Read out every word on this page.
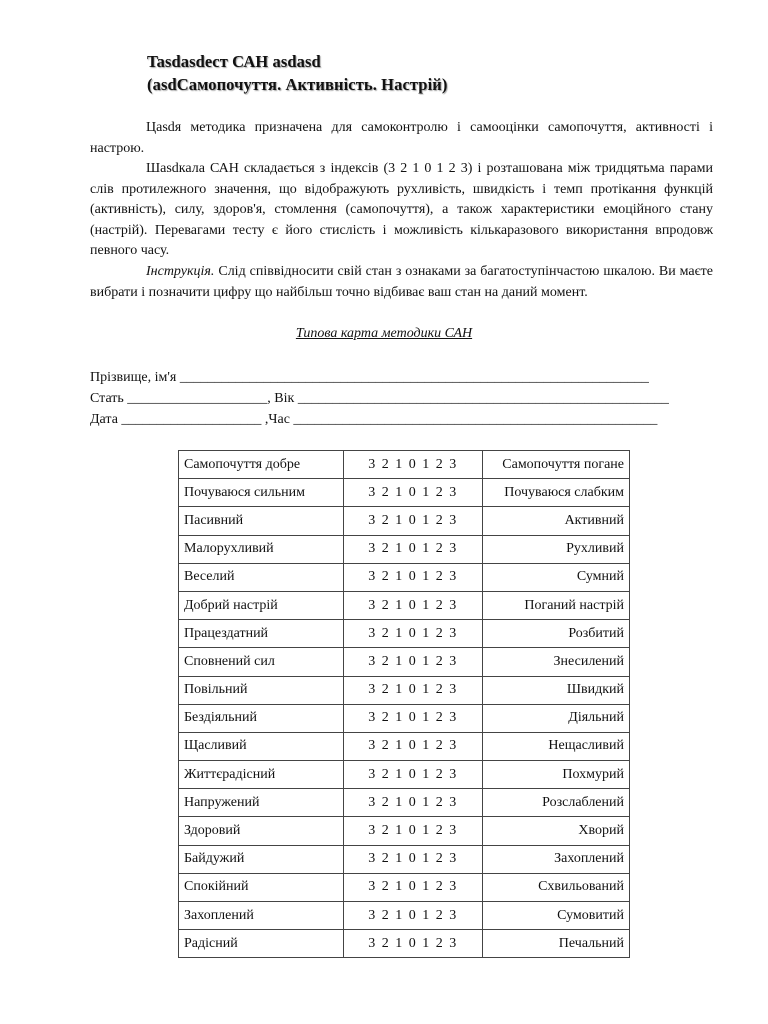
Tasdasdeст САН asdasd
(asdСамопочуття. Активність. Настрій)
Цasdя методика призначена для самоконтролю і самооцінки самопочуття, активності і настрою.
Шasdкала САН складається з індексів (3 2 1 0 1 2 3) і розташована між тридцятьма парами слів протилежного значення, що відображують рухливість, швидкість і темп протікання функцій (активність), силу, здоров'я, стомлення (самопочуття), а також характеристики емоційного стану (настрій). Перевагами тесту є його стислість і можливість кількаразового використання впродовж певного часу.
Інструкція. Слід співвідносити свій стан з ознаками за багатоступінчастою шкалою. Ви маєте вибрати і позначити цифру що найбільш точно відбиває ваш стан на даний момент.
Типова карта методики САН
Прізвище, ім'я ___________________________________________________________________
Стать ____________________, Вік _____________________________________________________
Дата ____________________ ,Час ____________________________________________________
Самопочуття добре	3 2 1 0 1 2 3	Самопочуття погане
Почуваюся сильним	3 2 1 0 1 2 3	Почуваюся слабким
Пасивний	3 2 1 0 1 2 3	Активний
Малорухливий	3 2 1 0 1 2 3	Рухливий
Веселий	3 2 1 0 1 2 3	Сумний
Добрий настрій	3 2 1 0 1 2 3	Поганий настрій
Працездатний	3 2 1 0 1 2 3	Розбитий
Сповнений сил	3 2 1 0 1 2 3	Знесилений
Повільний	3 2 1 0 1 2 3	Швидкий
Бездіяльний	3 2 1 0 1 2 3	Діяльний
Щасливий	3 2 1 0 1 2 3	Нещасливий
Життєрадісний	3 2 1 0 1 2 3	Похмурий
Напружений	3 2 1 0 1 2 3	Розслаблений
Здоровий	3 2 1 0 1 2 3	Хворий
Байдужий	3 2 1 0 1 2 3	Захоплений
Спокійний	3 2 1 0 1 2 3	Схвильований
Захоплений	3 2 1 0 1 2 3	Сумовитий
Радісний	3 2 1 0 1 2 3	Печальний
